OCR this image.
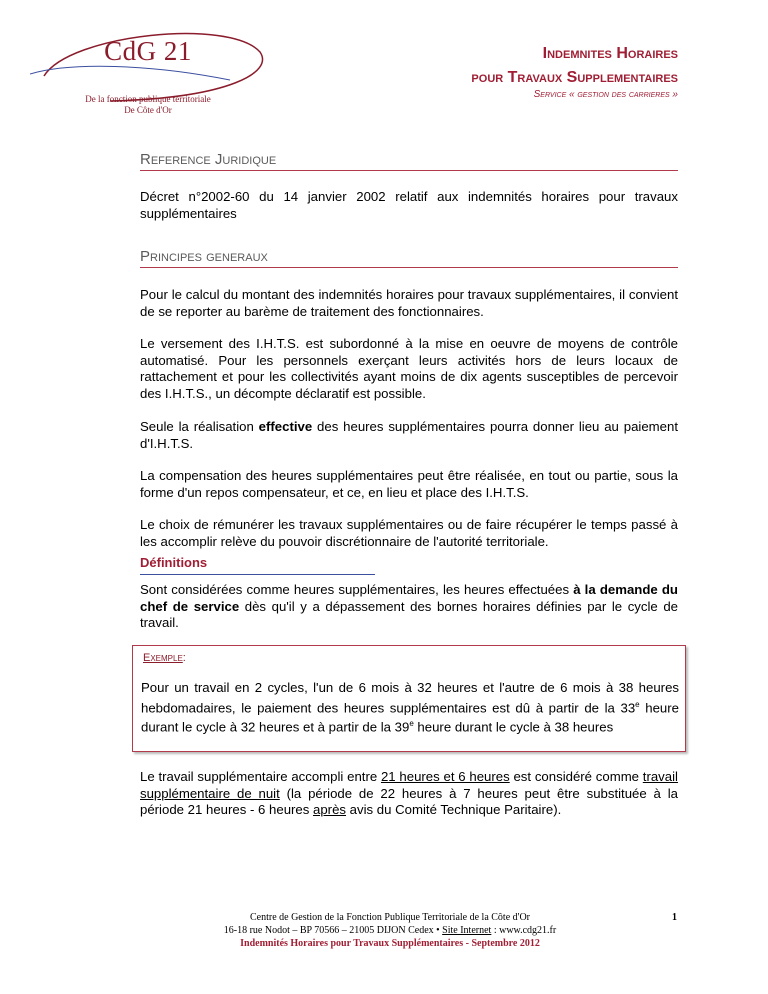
CdG 21
De la fonction publique territoriale
De Côte d'Or
Indemnites Horaires
pour Travaux Supplementaires
Service « gestion des carrieres »
Reference Juridique

Décret n°2002-60 du 14 janvier 2002 relatif aux indemnités horaires pour travaux supplémentaires

Principes generaux

Pour le calcul du montant des indemnités horaires pour travaux supplémentaires, il convient de se reporter au barème de traitement des fonctionnaires.

Le versement des I.H.T.S. est subordonné à la mise en oeuvre de moyens de contrôle automatisé. Pour les personnels exerçant leurs activités hors de leurs locaux de rattachement et pour les collectivités ayant moins de dix agents susceptibles de percevoir des I.H.T.S., un décompte déclaratif est possible.

Seule la réalisation effective des heures supplémentaires pourra donner lieu au paiement d'I.H.T.S.

La compensation des heures supplémentaires peut être réalisée, en tout ou partie, sous la forme d'un repos compensateur, et ce, en lieu et place des I.H.T.S.

Le choix de rémunérer les travaux supplémentaires ou de faire récupérer le temps passé à les accomplir relève du pouvoir discrétionnaire de l'autorité territoriale.

Définitions

Sont considérées comme heures supplémentaires, les heures effectuées à la demande du chef de service dès qu'il y a dépassement des bornes horaires définies par le cycle de travail.

Exemple:

Pour un travail en 2 cycles, l'un de 6 mois à 32 heures et l'autre de 6 mois à 38 heures hebdomadaires, le paiement des heures supplémentaires est dû à partir de la 33e heure durant le cycle à 32 heures et à partir de la 39e heure durant le cycle à 38 heures

Le travail supplémentaire accompli entre 21 heures et 6 heures est considéré comme travail supplémentaire de nuit (la période de 22 heures à 7 heures peut être substituée à la période 21 heures - 6 heures après avis du Comité Technique Paritaire).

Centre de Gestion de la Fonction Publique Territoriale de la Côte d'Or
16-18 rue Nodot – BP 70566 – 21005 DIJON Cedex • Site Internet : www.cdg21.fr
Indemnités Horaires pour Travaux Supplémentaires - Septembre 2012
1
